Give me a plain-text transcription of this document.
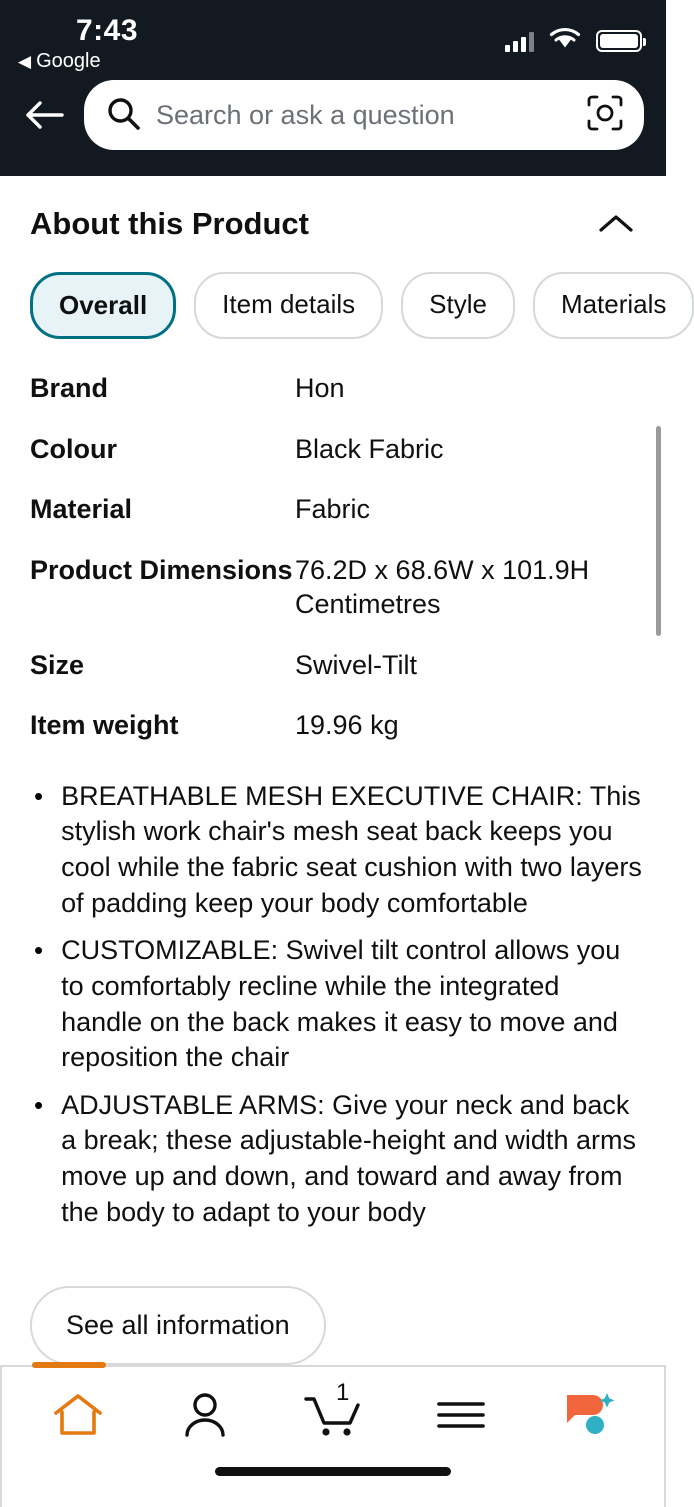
7:43
◀ Google
Search or ask a question
About this Product
Overall	Item details	Style	Materials
Brand	Hon
Colour	Black Fabric
Material	Fabric
Product Dimensions 76.2D x 68.6W x 101.9H Centimetres
Size	Swivel-Tilt
Item weight	19.96 kg
• BREATHABLE MESH EXECUTIVE CHAIR: This stylish work chair's mesh seat back keeps you cool while the fabric seat cushion with two layers of padding keep your body comfortable
• CUSTOMIZABLE: Swivel tilt control allows you to comfortably recline while the integrated handle on the back makes it easy to move and reposition the chair
• ADJUSTABLE ARMS: Give your neck and back a break; these adjustable-height and width arms move up and down, and toward and away from the body to adapt to your body
See all information
1
